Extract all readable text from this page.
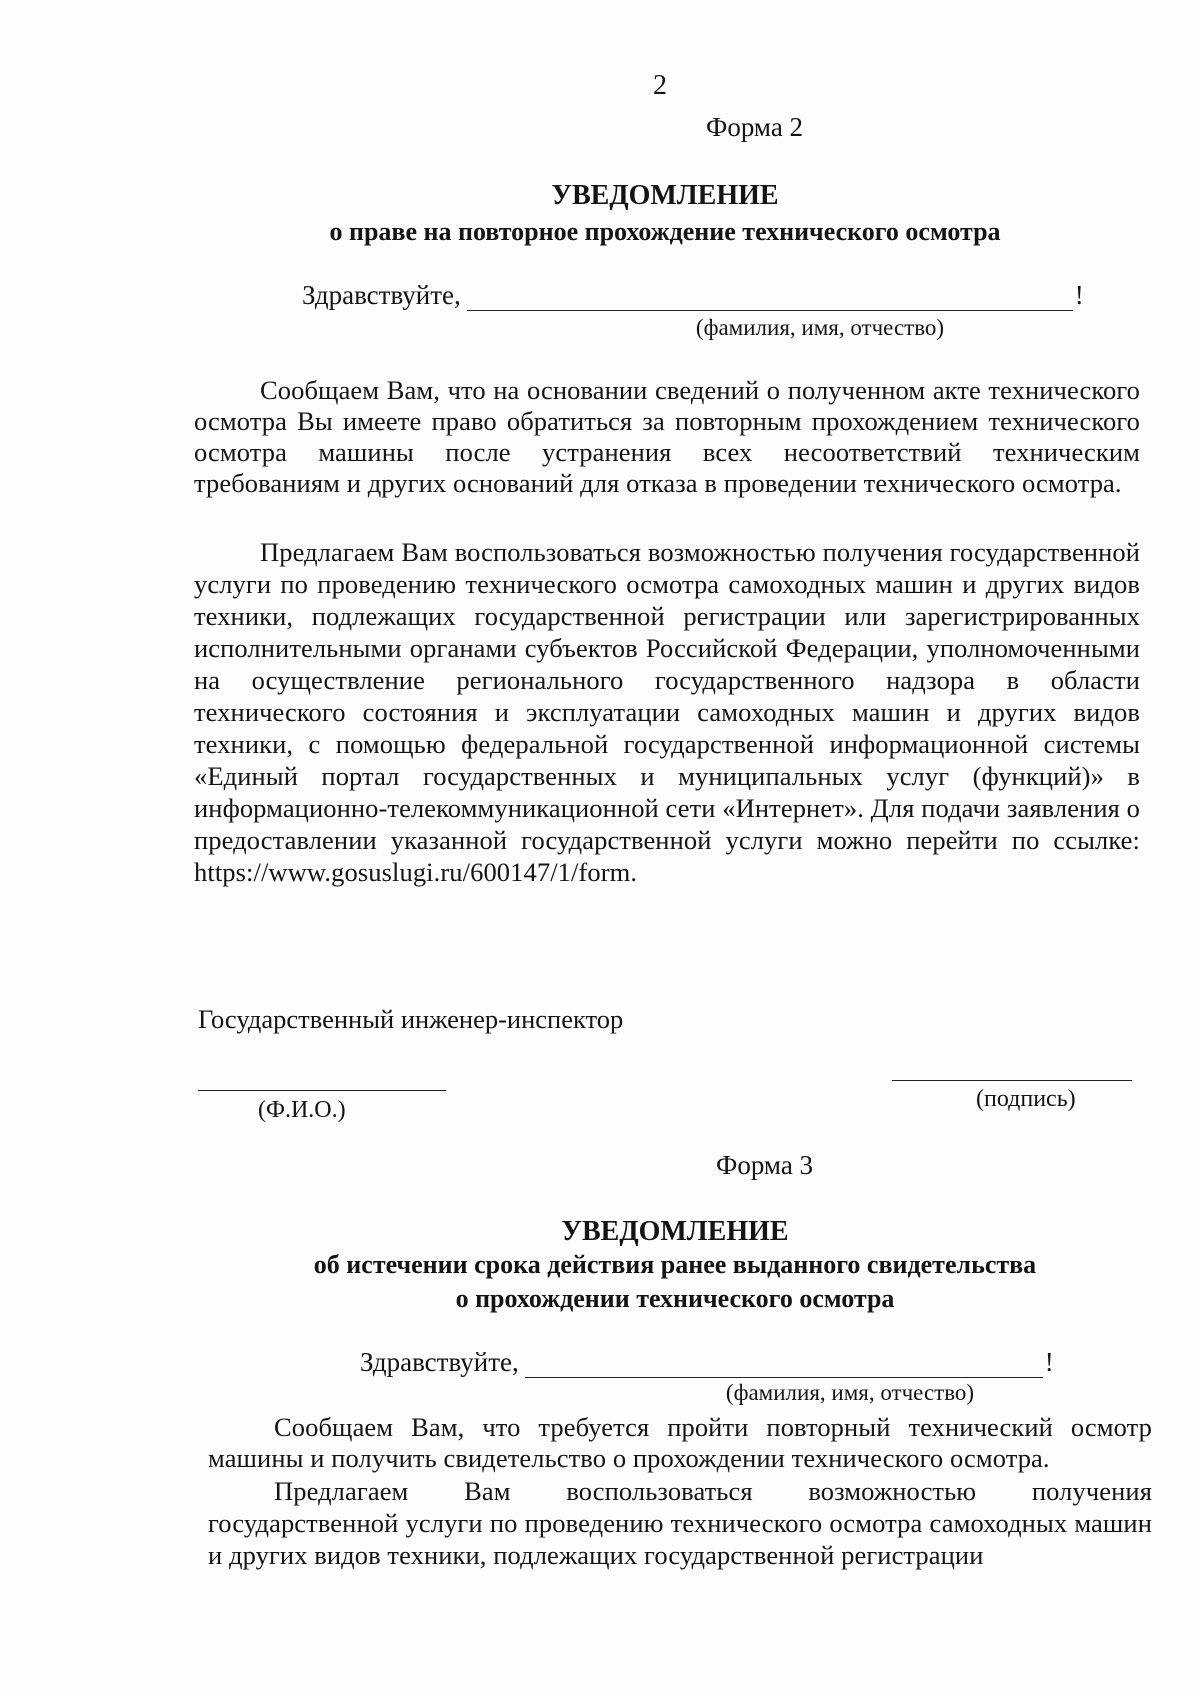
2
Форма 2
УВЕДОМЛЕНИЕ
о праве на повторное прохождение технического осмотра
Здравствуйте,	!
(фамилия, имя, отчество)

Сообщаем Вам, что на основании сведений о полученном акте технического осмотра Вы имеете право обратиться за повторным прохождением технического осмотра машины после устранения всех несоответствий техническим требованиям и других оснований для отказа в проведении технического осмотра.

Предлагаем Вам воспользоваться возможностью получения государственной услуги по проведению технического осмотра самоходных машин и других видов техники, подлежащих государственной регистрации или зарегистрированных исполнительными органами субъектов Российской Федерации, уполномоченными на осуществление регионального государственного надзора в области технического состояния и эксплуатации самоходных машин и других видов техники, с помощью федеральной государственной информационной системы «Единый портал государственных и муниципальных услуг (функций)» в информационно-телекоммуникационной сети «Интернет». Для подачи заявления о предоставлении указанной государственной услуги можно перейти по ссылке: https://www.gosuslugi.ru/600147/1/form.

Государственный инженер-инспектор
(Ф.И.О.)	(подпись)
Форма 3
УВЕДОМЛЕНИЕ
об истечении срока действия ранее выданного свидетельства
о прохождении технического осмотра
Здравствуйте,	!
(фамилия, имя, отчество)

Сообщаем Вам, что требуется пройти повторный технический осмотр машины и получить свидетельство о прохождении технического осмотра.

Предлагаем Вам воспользоваться возможностью получения государственной услуги по проведению технического осмотра самоходных машин и других видов техники, подлежащих государственной регистрации
